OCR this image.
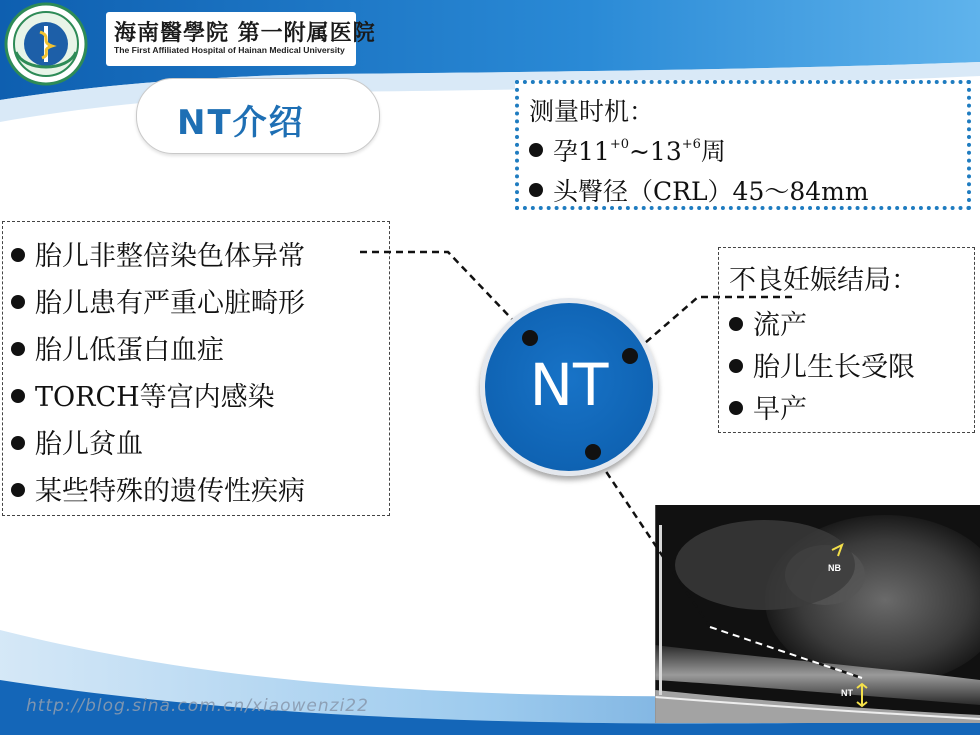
海南醫學院 第一附属医院
The First Affiliated Hospital of Hainan Medical University
NT介绍	测量时机：
孕$11^{+0}\sim 13^{+6}$周
头臀径（CRL）45～84mm
胎儿非整倍染色体异常
胎儿患有严重心脏畸形
胎儿低蛋白血症
TORCH等宫内感染
胎儿贫血
某些特殊的遗传性疾病
不良妊娠结局：
流产
胎儿生长受限
早产
NB
NT
NT
http://blog.sina.com.cn/xiaowenzi22
